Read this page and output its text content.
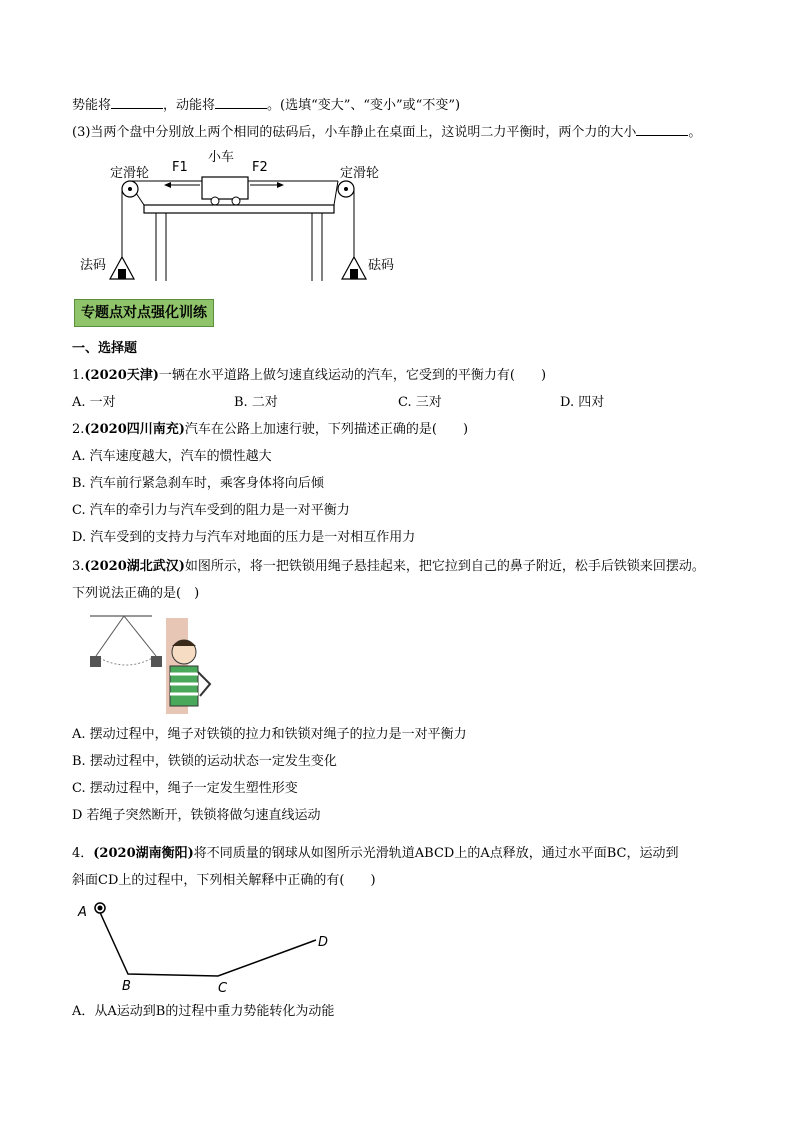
势能将	，动能将	。(选填“变大”、“变小”或“不变”)
(3)当两个盘中分别放上两个相同的砝码后，小车静止在桌面上，这说明二力平衡时，两个力的大小	。
小车
F1	F2
定滑轮	定滑轮
法码	砝码
专题点对点强化训练
一、选择题
1.(2020天津)一辆在水平道路上做匀速直线运动的汽车，它受到的平衡力有(　　)
A. 一对	B. 二对	C. 三对	D. 四对
2.(2020四川南充)汽车在公路上加速行驶，下列描述正确的是(　　)
A. 汽车速度越大，汽车的惯性越大
B. 汽车前行紧急刹车时，乘客身体将向后倾
C. 汽车的牵引力与汽车受到的阻力是一对平衡力
D. 汽车受到的支持力与汽车对地面的压力是一对相互作用力
3.(2020湖北武汉)如图所示，将一把铁锁用绳子悬挂起来，把它拉到自己的鼻子附近，松手后铁锁来回摆动。
下列说法正确的是(　)
A. 摆动过程中，绳子对铁锁的拉力和铁锁对绳子的拉力是一对平衡力
B. 摆动过程中，铁锁的运动状态一定发生变化
C. 摆动过程中，绳子一定发生塑性形变
D 若绳子突然断开，铁锁将做匀速直线运动
4．(2020湖南衡阳)将不同质量的钢球从如图所示光滑轨道ABCD上的A点释放，通过水平面BC，运动到
斜面CD上的过程中，下列相关解释中正确的有(　　)
A
B	C
D
A．从A运动到B的过程中重力势能转化为动能
